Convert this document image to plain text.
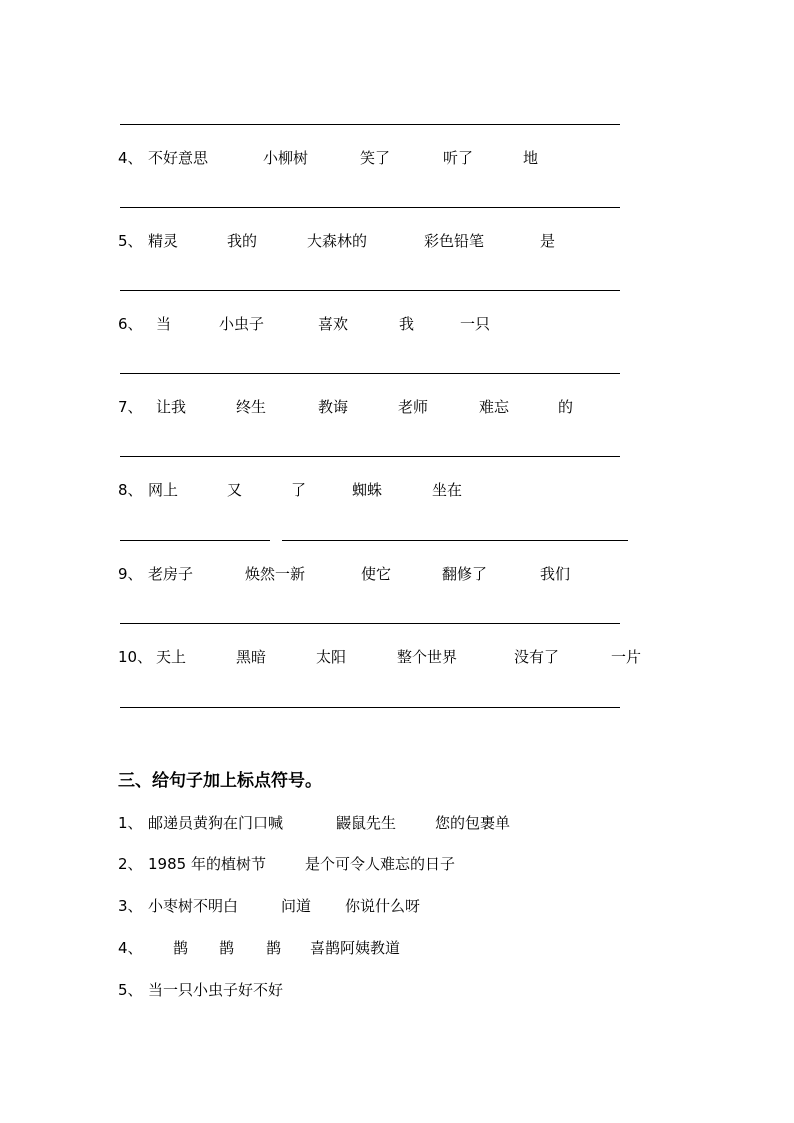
4、 不好意思	小柳树	笑了	听了	地
5、 精灵	我的	大森林的	彩色铅笔	是
6、 当	小虫子	喜欢	我	一只
7、 让我	终生	教诲	老师	难忘	的
8、 网上	又	了	蜘蛛	坐在
9、 老房子	焕然一新	使它	翻修了	我们
10、 天上	黑暗	太阳	整个世界	没有了	一片
三、给句子加上标点符号。
1、 邮递员黄狗在门口喊	鼹鼠先生	您的包裹单
2、 1985 年的植树节	是个可令人难忘的日子
3、 小枣树不明白	问道 你说什么呀
4、 鹊 鹊 鹊 喜鹊阿姨教道
5、 当一只小虫子好不好
